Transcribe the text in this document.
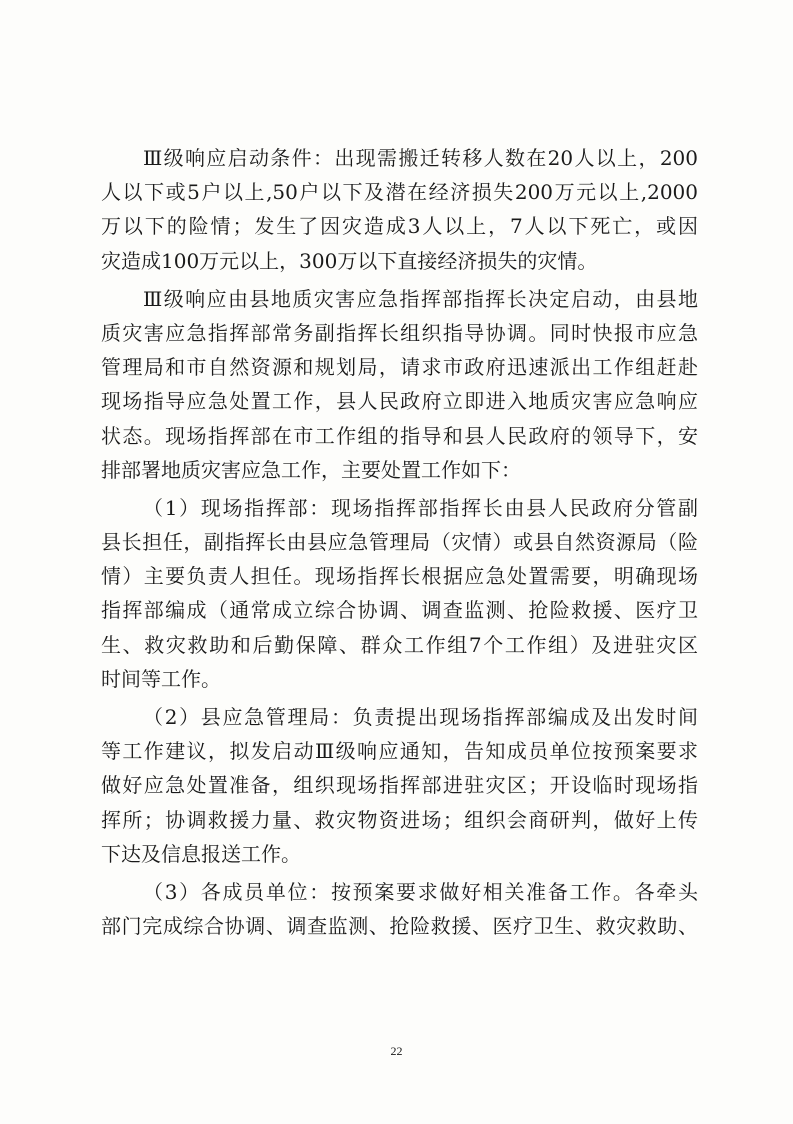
Ⅲ级响应启动条件：出现需搬迁转移人数在20人以上，200
人以下或5户以上,50户以下及潜在经济损失200万元以上,2000
万以下的险情；发生了因灾造成3人以上，7人以下死亡，或因
灾造成100万元以上，300万以下直接经济损失的灾情。
Ⅲ级响应由县地质灾害应急指挥部指挥长决定启动，由县地
质灾害应急指挥部常务副指挥长组织指导协调。同时快报市应急
管理局和市自然资源和规划局，请求市政府迅速派出工作组赶赴
现场指导应急处置工作，县人民政府立即进入地质灾害应急响应
状态。现场指挥部在市工作组的指导和县人民政府的领导下，安
排部署地质灾害应急工作，主要处置工作如下：
（1）现场指挥部：现场指挥部指挥长由县人民政府分管副
县长担任，副指挥长由县应急管理局（灾情）或县自然资源局（险
情）主要负责人担任。现场指挥长根据应急处置需要，明确现场
指挥部编成（通常成立综合协调、调查监测、抢险救援、医疗卫
生、救灾救助和后勤保障、群众工作组7个工作组）及进驻灾区
时间等工作。
（2）县应急管理局：负责提出现场指挥部编成及出发时间
等工作建议，拟发启动Ⅲ级响应通知，告知成员单位按预案要求
做好应急处置准备，组织现场指挥部进驻灾区；开设临时现场指
挥所；协调救援力量、救灾物资进场；组织会商研判，做好上传
下达及信息报送工作。
（3）各成员单位：按预案要求做好相关准备工作。各牵头
部门完成综合协调、调查监测、抢险救援、医疗卫生、救灾救助、
22
